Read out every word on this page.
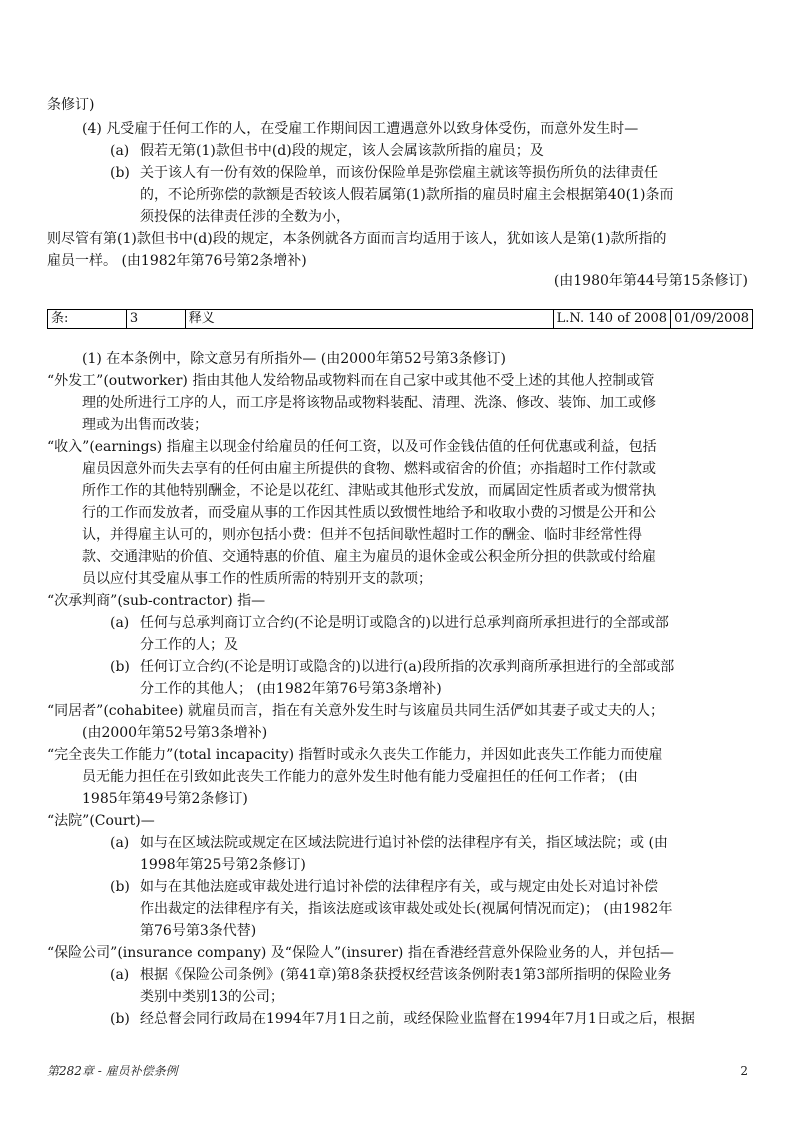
条修订)
(4) 凡受雇于任何工作的人，在受雇工作期间因工遭遇意外以致身体受伤，而意外发生时—
(a) 假若无第(1)款但书中(d)段的规定，该人会属该款所指的雇员；及
(b) 关于该人有一份有效的保险单，而该份保险单是弥偿雇主就该等损伤所负的法律责任
的，不论所弥偿的款额是否较该人假若属第(1)款所指的雇员时雇主会根据第40(1)条而
须投保的法律责任涉的全数为小，
则尽管有第(1)款但书中(d)段的规定，本条例就各方面而言均适用于该人，犹如该人是第(1)款所指的
雇员一样。 (由1982年第76号第2条增补)
(由1980年第44号第15条修订)
条:	3	释义	L.N. 140 of 2008	01/09/2008
(1) 在本条例中，除文意另有所指外— (由2000年第52号第3条修订)
“外发工”(outworker) 指由其他人发给物品或物料而在自己家中或其他不受上述的其他人控制或管
理的处所进行工序的人，而工序是将该物品或物料装配、清理、洗涤、修改、装饰、加工或修
理或为出售而改装；
“收入”(earnings) 指雇主以现金付给雇员的任何工资，以及可作金钱估值的任何优惠或利益，包括
雇员因意外而失去享有的任何由雇主所提供的食物、燃料或宿舍的价值；亦指超时工作付款或
所作工作的其他特别酬金，不论是以花红、津贴或其他形式发放，而属固定性质者或为惯常执
行的工作而发放者，而受雇从事的工作因其性质以致惯性地给予和收取小费的习惯是公开和公
认，并得雇主认可的，则亦包括小费：但并不包括间歇性超时工作的酬金、临时非经常性得
款、交通津贴的价值、交通特惠的价值、雇主为雇员的退休金或公积金所分担的供款或付给雇
员以应付其受雇从事工作的性质所需的特别开支的款项；
“次承判商”(sub-contractor) 指—
(a) 任何与总承判商订立合约(不论是明订或隐含的)以进行总承判商所承担进行的全部或部
分工作的人；及
(b) 任何订立合约(不论是明订或隐含的)以进行(a)段所指的次承判商所承担进行的全部或部
分工作的其他人； (由1982年第76号第3条增补)
“同居者”(cohabitee) 就雇员而言，指在有关意外发生时与该雇员共同生活俨如其妻子或丈夫的人；
(由2000年第52号第3条增补)
“完全丧失工作能力”(total incapacity) 指暂时或永久丧失工作能力，并因如此丧失工作能力而使雇
员无能力担任在引致如此丧失工作能力的意外发生时他有能力受雇担任的任何工作者； (由
1985年第49号第2条修订)
“法院”(Court)—
(a) 如与在区域法院或规定在区域法院进行追讨补偿的法律程序有关，指区域法院；或 (由
1998年第25号第2条修订)
(b) 如与在其他法庭或审裁处进行追讨补偿的法律程序有关，或与规定由处长对追讨补偿
作出裁定的法律程序有关，指该法庭或该审裁处或处长(视属何情况而定)； (由1982年
第76号第3条代替)
“保险公司”(insurance company) 及“保险人”(insurer) 指在香港经营意外保险业务的人，并包括—
(a) 根据《保险公司条例》(第41章)第8条获授权经营该条例附表1第3部所指明的保险业务
类别中类别13的公司；
(b) 经总督会同行政局在1994年7月1日之前，或经保险业监督在1994年7月1日或之后，根据
第282章 - 雇员补偿条例	2
